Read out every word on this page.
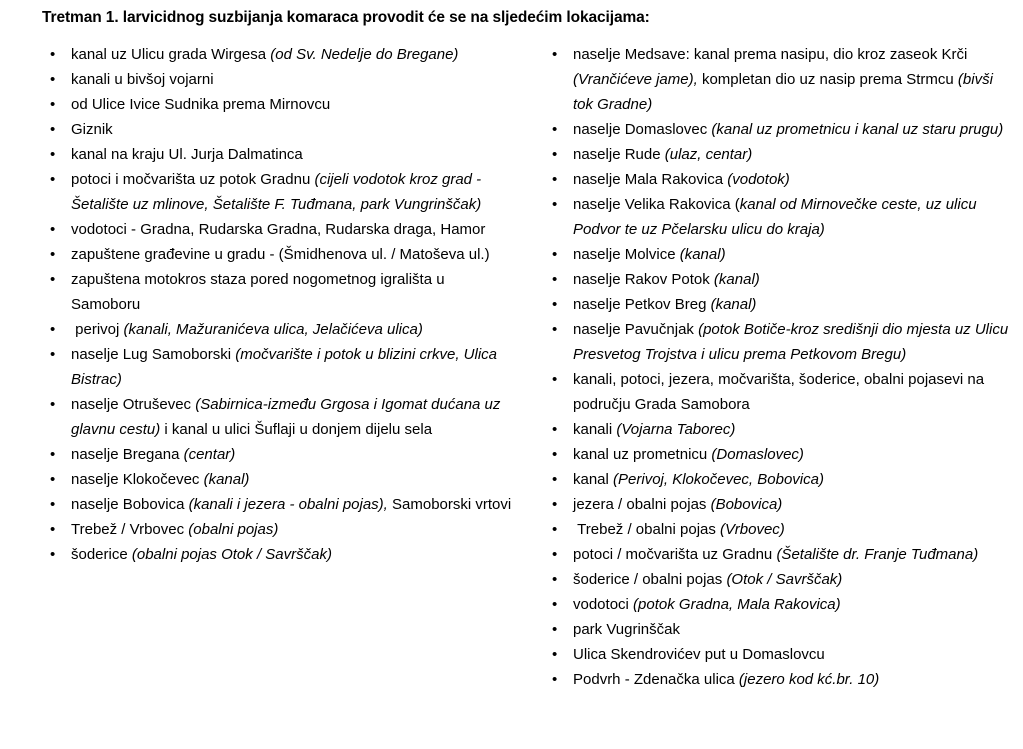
Tretman 1. larvicidnog suzbijanja komaraca provodit će se na sljedećim lokacijama:
• kanal uz Ulicu grada Wirgesa (od Sv. Nedelje do Bregane)
• kanali u bivšoj vojarni
• od Ulice Ivice Sudnika prema Mirnovcu
• Giznik
• kanal na kraju Ul. Jurja Dalmatinca
• potoci i močvarišta uz potok Gradnu (cijeli vodotok kroz grad - Šetalište uz mlinove, Šetalište F. Tuđmana, park Vungrinščak)
• vodotoci - Gradna, Rudarska Gradna, Rudarska draga, Hamor
• zapuštene građevine u gradu - (Šmidhenova ul. / Matoševa ul.)
• zapuštena motokros staza pored nogometnog igrališta u Samoboru
•  perivoj (kanali, Mažuranićeva ulica, Jelačićeva ulica)
• naselje Lug Samoborski (močvarište i potok u blizini crkve, Ulica Bistrac)
• naselje Otruševec (Sabirnica-između Grgosa i Igomat dućana uz glavnu cestu) i kanal u ulici Šuflaji u donjem dijelu sela
• naselje Bregana (centar)
• naselje Klokočevec (kanal)
• naselje Bobovica (kanali i jezera - obalni pojas), Samoborski vrtovi
• Trebež / Vrbovec (obalni pojas)
• šoderice (obalni pojas Otok / Savrščak)
• naselje Medsave: kanal prema nasipu, dio kroz zaseok Krči (Vrančićeve jame), kompletan dio uz nasip prema Strmcu (bivši tok Gradne)
• naselje Domaslovec (kanal uz prometnicu i kanal uz staru prugu)
• naselje Rude (ulaz, centar)
• naselje Mala Rakovica (vodotok)
• naselje Velika Rakovica (kanal od Mirnovečke ceste, uz ulicu Podvor te uz Pčelarsku ulicu do kraja)
• naselje Molvice (kanal)
• naselje Rakov Potok (kanal)
• naselje Petkov Breg (kanal)
• naselje Pavučnjak (potok Botiče-kroz središnji dio mjesta uz Ulicu Presvetog Trojstva i ulicu prema Petkovom Bregu)
• kanali, potoci, jezera, močvarišta, šoderice, obalni pojasevi na području Grada Samobora
• kanali (Vojarna Taborec)
• kanal uz prometnicu (Domaslovec)
• kanal (Perivoj, Klokočevec, Bobovica)
• jezera / obalni pojas (Bobovica)
•  Trebež / obalni pojas (Vrbovec)
• potoci / močvarišta uz Gradnu (Šetalište dr. Franje Tuđmana)
• šoderice / obalni pojas (Otok / Savrščak)
• vodotoci (potok Gradna, Mala Rakovica)
• park Vugrinščak
• Ulica Skendrovićev put u Domaslovcu
• Podvrh - Zdenačka ulica (jezero kod kć.br. 10)
